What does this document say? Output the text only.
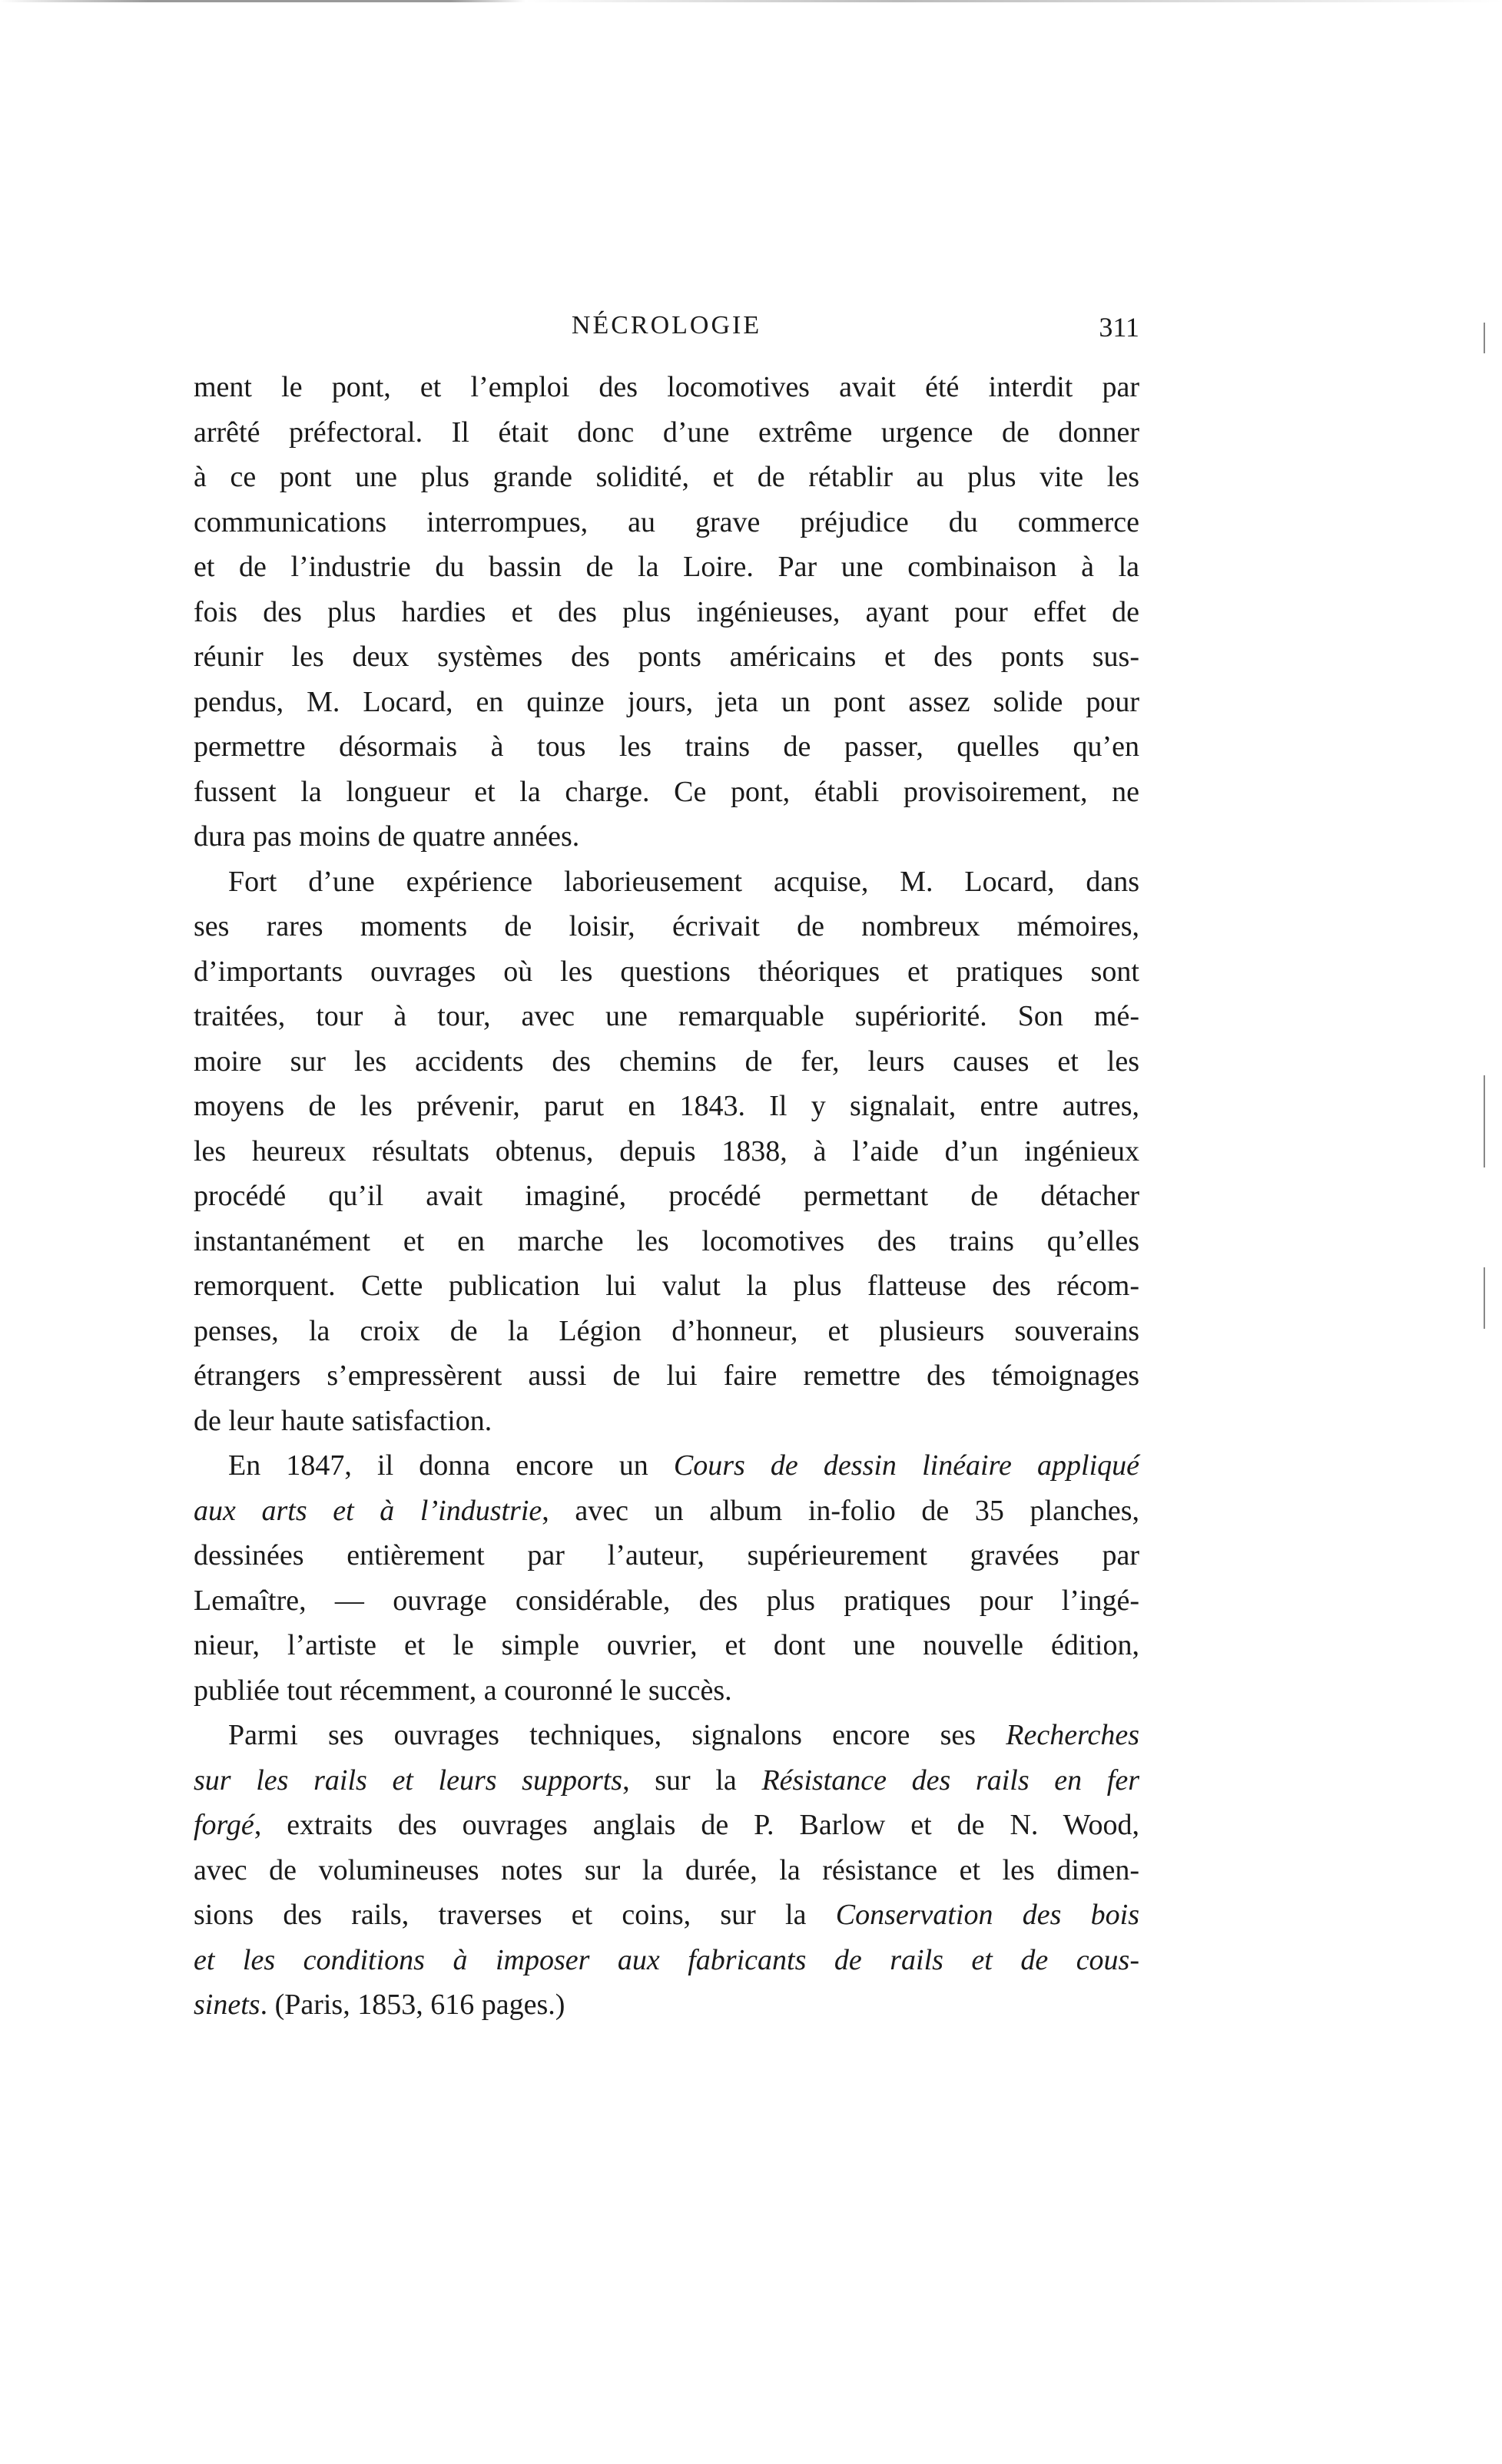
NÉCROLOGIE	311
ment le pont, et l’emploi des locomotives avait été interdit par
arrêté préfectoral. Il était donc d’une extrême urgence de donner
à ce pont une plus grande solidité, et de rétablir au plus vite les
communications interrompues, au grave préjudice du commerce
et de l’industrie du bassin de la Loire. Par une combinaison à la
fois des plus hardies et des plus ingénieuses, ayant pour effet de
réunir les deux systèmes des ponts américains et des ponts sus-
pendus, M. Locard, en quinze jours, jeta un pont assez solide pour
permettre désormais à tous les trains de passer, quelles qu’en
fussent la longueur et la charge. Ce pont, établi provisoirement, ne
dura pas moins de quatre années.
Fort d’une expérience laborieusement acquise, M. Locard, dans
ses rares moments de loisir, écrivait de nombreux mémoires,
d’importants ouvrages où les questions théoriques et pratiques sont
traitées, tour à tour, avec une remarquable supériorité. Son mé-
moire sur les accidents des chemins de fer, leurs causes et les
moyens de les prévenir, parut en 1843. Il y signalait, entre autres,
les heureux résultats obtenus, depuis 1838, à l’aide d’un ingénieux
procédé qu’il avait imaginé, procédé permettant de détacher
instantanément et en marche les locomotives des trains qu’elles
remorquent. Cette publication lui valut la plus flatteuse des récom-
penses, la croix de la Légion d’honneur, et plusieurs souverains
étrangers s’empressèrent aussi de lui faire remettre des témoignages
de leur haute satisfaction.
En 1847, il donna encore un Cours de dessin linéaire appliqué
aux arts et à l’industrie, avec un album in-folio de 35 planches,
dessinées entièrement par l’auteur, supérieurement gravées par
Lemaître, — ouvrage considérable, des plus pratiques pour l’ingé-
nieur, l’artiste et le simple ouvrier, et dont une nouvelle édition,
publiée tout récemment, a couronné le succès.
Parmi ses ouvrages techniques, signalons encore ses Recherches
sur les rails et leurs supports, sur la Résistance des rails en fer
forgé, extraits des ouvrages anglais de P. Barlow et de N. Wood,
avec de volumineuses notes sur la durée, la résistance et les dimen-
sions des rails, traverses et coins, sur la Conservation des bois
et les conditions à imposer aux fabricants de rails et de cous-
sinets. (Paris, 1853, 616 pages.)
